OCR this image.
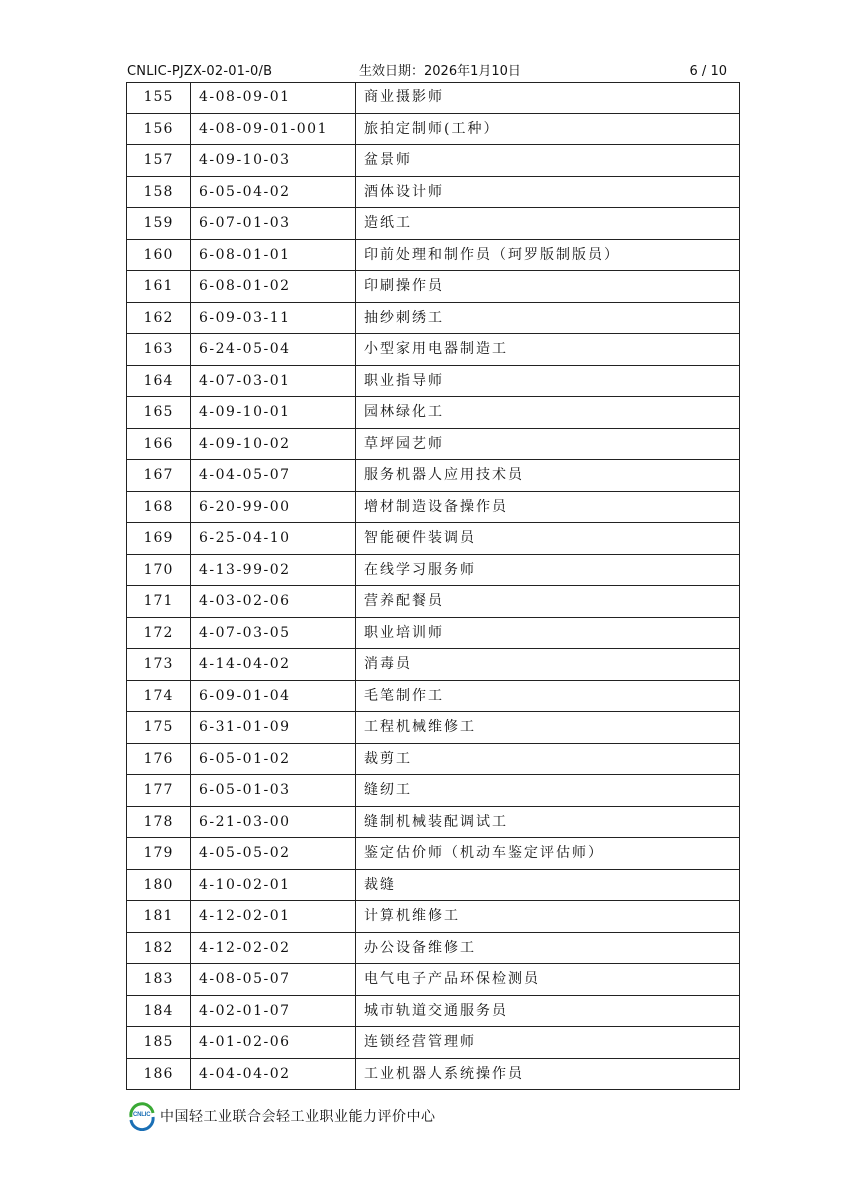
CNLIC-PJZX-02-01-0/B	生效日期：2026年1月10日	6 / 10
155	4-08-09-01	商业摄影师
156	4-08-09-01-001	旅拍定制师(工种）
157	4-09-10-03	盆景师
158	6-05-04-02	酒体设计师
159	6-07-01-03	造纸工
160	6-08-01-01	印前处理和制作员（珂罗版制版员）
161	6-08-01-02	印刷操作员
162	6-09-03-11	抽纱刺绣工
163	6-24-05-04	小型家用电器制造工
164	4-07-03-01	职业指导师
165	4-09-10-01	园林绿化工
166	4-09-10-02	草坪园艺师
167	4-04-05-07	服务机器人应用技术员
168	6-20-99-00	增材制造设备操作员
169	6-25-04-10	智能硬件装调员
170	4-13-99-02	在线学习服务师
171	4-03-02-06	营养配餐员
172	4-07-03-05	职业培训师
173	4-14-04-02	消毒员
174	6-09-01-04	毛笔制作工
175	6-31-01-09	工程机械维修工
176	6-05-01-02	裁剪工
177	6-05-01-03	缝纫工
178	6-21-03-00	缝制机械装配调试工
179	4-05-05-02	鉴定估价师（机动车鉴定评估师）
180	4-10-02-01	裁缝
181	4-12-02-01	计算机维修工
182	4-12-02-02	办公设备维修工
183	4-08-05-07	电气电子产品环保检测员
184	4-02-01-07	城市轨道交通服务员
185	4-01-02-06	连锁经营管理师
186	4-04-04-02	工业机器人系统操作员
CNLIC 中国轻工业联合会轻工业职业能力评价中心
